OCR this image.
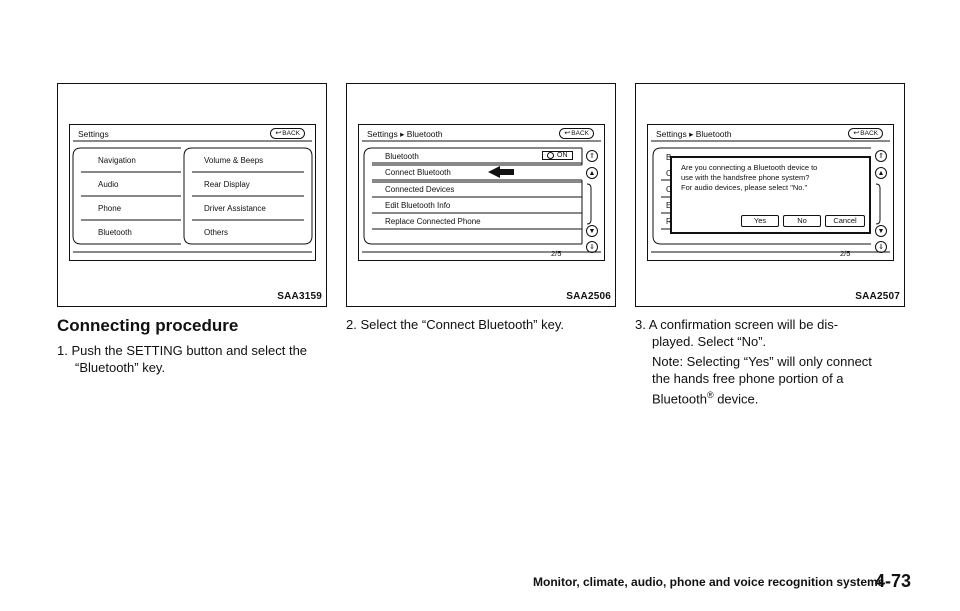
Settings	↩ BACK
Navigation
Audio
Phone
Bluetooth
Volume & Beeps
Rear Display
Driver Assistance
Others
SAA3159
Settings ▸ Bluetooth	↩ BACK
Bluetooth	ON
Connect Bluetooth
Connected Devices
Edit Bluetooth Info
Replace Connected Phone
⇑
▲
▼
⇓
2/5
SAA2506
Settings ▸ Bluetooth	↩ BACK
B
C
C
E
R
Are you connecting a Bluetooth device to
use with the handsfree phone system?
For audio devices, please select "No."
Yes	No	Cancel
⇑
▲
▼
⇓
2/5
SAA2507
Connecting procedure
1. Push the SETTING button and select the
“Bluetooth” key.
2. Select the “Connect Bluetooth” key.	3. A confirmation screen will be dis-
played. Select “No”.
Note: Selecting “Yes” will only connect
the hands free phone portion of a
Bluetooth® device.
Monitor, climate, audio, phone and voice recognition systems
4-73
